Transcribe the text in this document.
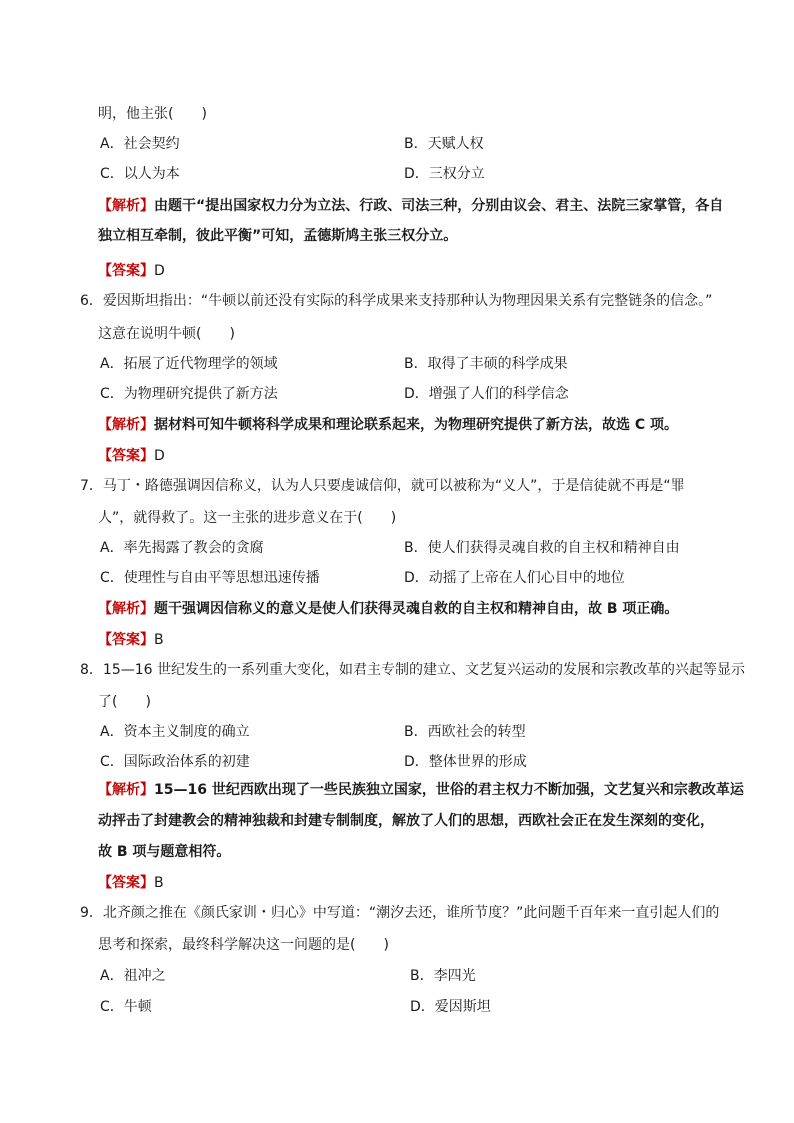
明，他主张(　　)
A．社会契约	B．天赋人权
C．以人为本	D．三权分立
【解析】由题干“提出国家权力分为立法、行政、司法三种，分别由议会、君主、法院三家掌管，各自
独立相互牵制，彼此平衡”可知，孟德斯鸠主张三权分立。
【答案】D
6．爱因斯坦指出：“牛顿以前还没有实际的科学成果来支持那种认为物理因果关系有完整链条的信念。”
这意在说明牛顿(　　)
A．拓展了近代物理学的领域	B．取得了丰硕的科学成果
C．为物理研究提供了新方法	D．增强了人们的科学信念
【解析】据材料可知牛顿将科学成果和理论联系起来，为物理研究提供了新方法，故选 C 项。
【答案】D
7．马丁・路德强调因信称义，认为人只要虔诚信仰，就可以被称为“义人”，于是信徒就不再是“罪
人”，就得救了。这一主张的进步意义在于(　　)
A．率先揭露了教会的贪腐	B．使人们获得灵魂自救的自主权和精神自由
C．使理性与自由平等思想迅速传播	D．动摇了上帝在人们心目中的地位
【解析】题干强调因信称义的意义是使人们获得灵魂自救的自主权和精神自由，故 B 项正确。
【答案】B
8．15—16 世纪发生的一系列重大变化，如君主专制的建立、文艺复兴运动的发展和宗教改革的兴起等显示
了(　　)
A．资本主义制度的确立	B．西欧社会的转型
C．国际政治体系的初建	D．整体世界的形成
【解析】15—16 世纪西欧出现了一些民族独立国家，世俗的君主权力不断加强，文艺复兴和宗教改革运
动抨击了封建教会的精神独裁和封建专制制度，解放了人们的思想，西欧社会正在发生深刻的变化，
故 B 项与题意相符。
【答案】B
9．北齐颜之推在《颜氏家训・归心》中写道：“潮汐去还，谁所节度？”此问题千百年来一直引起人们的
思考和探索，最终科学解决这一问题的是(　　)
A．祖冲之	B．李四光
C．牛顿	D．爱因斯坦
